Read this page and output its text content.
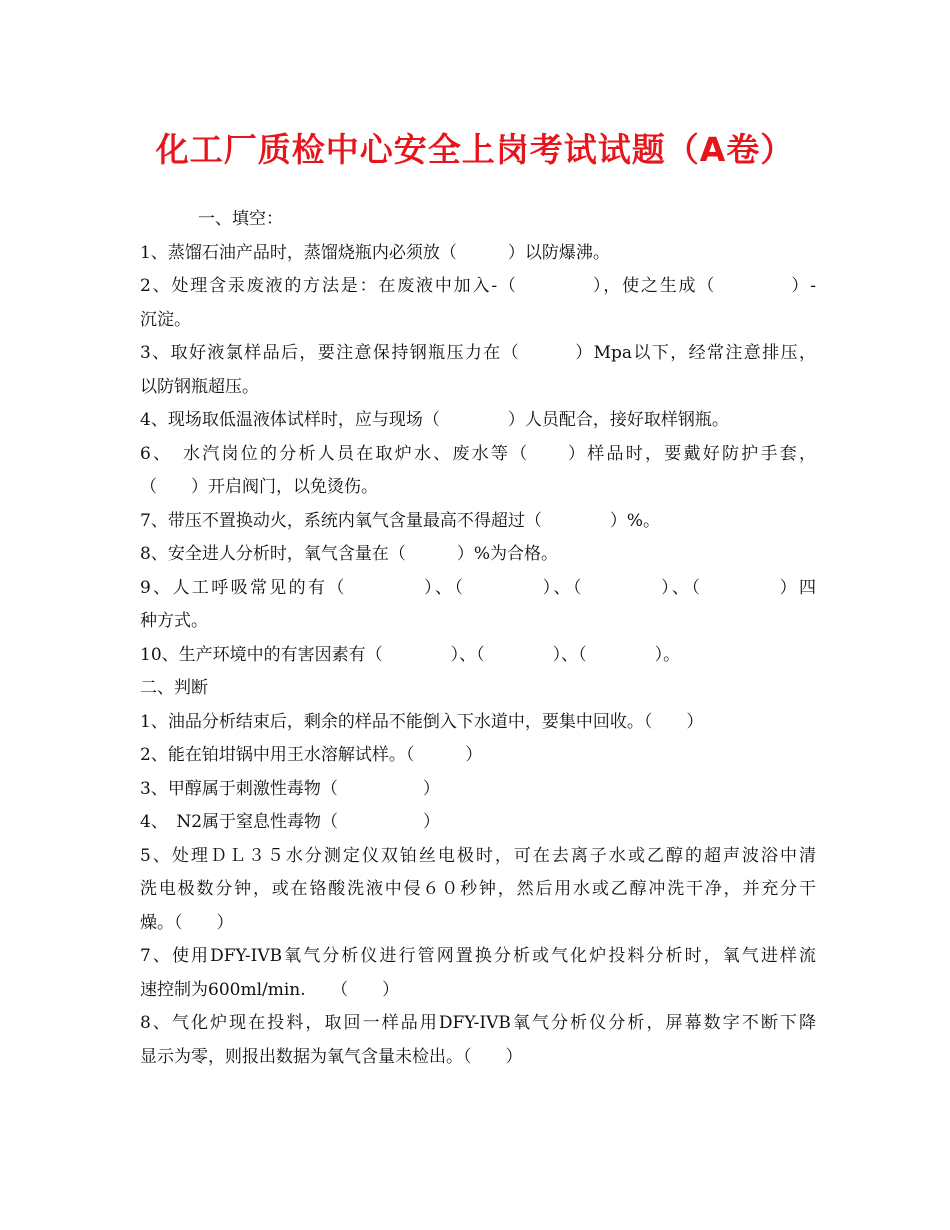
化工厂质检中心安全上岗考试试题（A卷）
一、填空：
1、蒸馏石油产品时，蒸馏烧瓶内必须放（　　　）以防爆沸。
2、处理含汞废液的方法是：在废液中加入-（　　　　），使之生成（　　　　）-
沉淀。
3、取好液氯样品后，要注意保持钢瓶压力在（　　　）Mpa以下，经常注意排压，
以防钢瓶超压。
4、现场取低温液体试样时，应与现场（　　　　）人员配合，接好取样钢瓶。
6、　水汽岗位的分析人员在取炉水、废水等（　　）样品时，要戴好防护手套，
（　　）开启阀门，以免烫伤。
7、带压不置换动火，系统内氧气含量最高不得超过（　　　　）%。
8、安全进人分析时，氧气含量在（　　　）%为合格。
9、人工呼吸常见的有（　　　　）、（　　　　）、（　　　　）、（　　　　）四
种方式。
10、生产环境中的有害因素有（　　　　）、（　　　　）、（　　　　）。
二、判断
1、油品分析结束后，剩余的样品不能倒入下水道中，要集中回收。（　　）
2、能在铂坩锅中用王水溶解试样。（　　　）
3、甲醇属于刺激性毒物（　　　　　）
4、　N2属于窒息性毒物（　　　　　）
5、处理ＤＬ３５水分测定仪双铂丝电极时，可在去离子水或乙醇的超声波浴中清
洗电极数分钟，或在铬酸洗液中侵６０秒钟，然后用水或乙醇冲洗干净，并充分干
燥。（　　）
7、使用DFY-IVB氧气分析仪进行管网置换分析或气化炉投料分析时，氧气进样流
速控制为600ml/min.　　（　　）
8、气化炉现在投料，取回一样品用DFY-IVB氧气分析仪分析，屏幕数字不断下降
显示为零，则报出数据为氧气含量未检出。（　　）
